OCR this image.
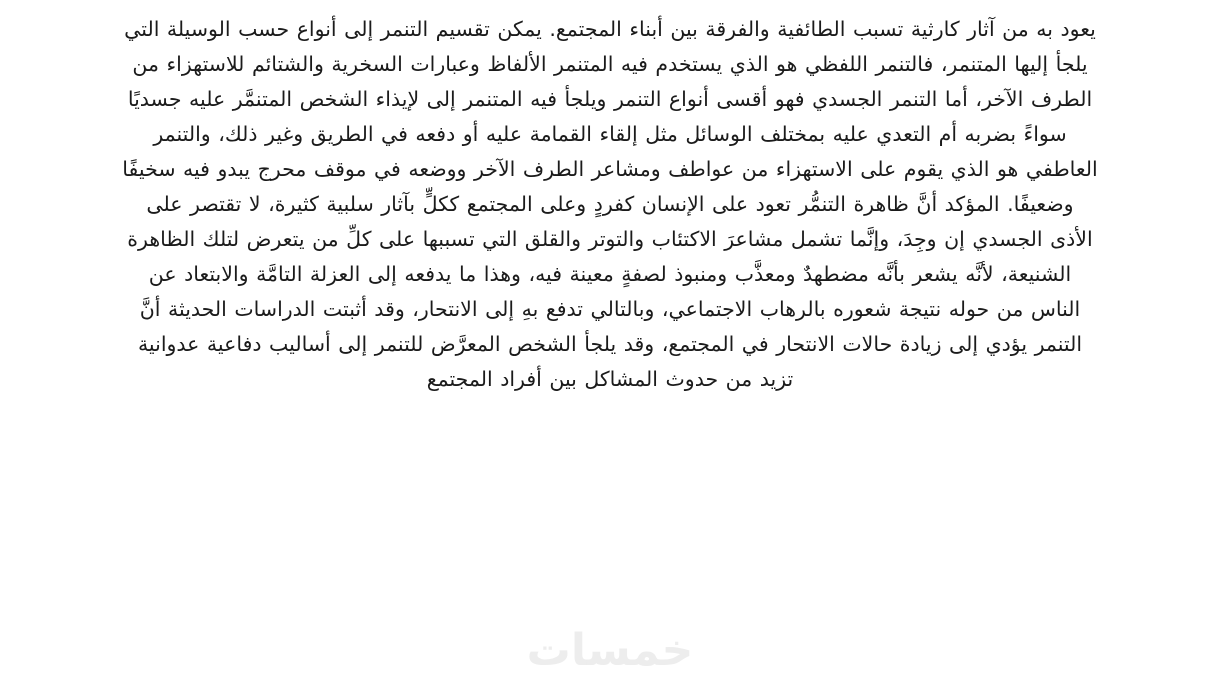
يعود به من آثار كارثية تسبب الطائفية والفرقة بين أبناء المجتمع. يمكن تقسيم التنمر إلى أنواع حسب الوسيلة التي
يلجأ إليها المتنمر، فالتنمر اللفظي هو الذي يستخدم فيه المتنمر الألفاظ وعبارات السخرية والشتائم للاستهزاء من
الطرف الآخر، أما التنمر الجسدي فهو أقسى أنواع التنمر ويلجأ فيه المتنمر إلى لإيذاء الشخص المتنمَّر عليه جسديًا
سواءً بضربه أم التعدي عليه بمختلف الوسائل مثل إلقاء القمامة عليه أو دفعه في الطريق وغير ذلك، والتنمر
العاطفي هو الذي يقوم على الاستهزاء من عواطف ومشاعر الطرف الآخر ووضعه في موقف محرج يبدو فيه سخيفًا
وضعيفًا. المؤكد أنَّ ظاهرة التنمُّر تعود على الإنسان كفردٍ وعلى المجتمع ككلٍّ بآثار سلبية كثيرة، لا تقتصر على
الأذى الجسدي إن وجِدَ، وإنَّما تشمل مشاعرَ الاكتئاب والتوتر والقلق التي تسببها على كلِّ من يتعرض لتلك الظاهرة
الشنيعة، لأنَّه يشعر بأنَّه مضطهدٌ ومعذَّب ومنبوذ لصفةٍ معينة فيه، وهذا ما يدفعه إلى العزلة التامَّة والابتعاد عن
الناس من حوله نتيجة شعوره بالرهاب الاجتماعي، وبالتالي تدفع بهِ إلى الانتحار، وقد أثبتت الدراسات الحديثة أنَّ
التنمر يؤدي إلى زيادة حالات الانتحار في المجتمع، وقد يلجأ الشخص المعرَّض للتنمر إلى أساليب دفاعية عدوانية
تزيد من حدوث المشاكل بين أفراد المجتمع
خمسات
